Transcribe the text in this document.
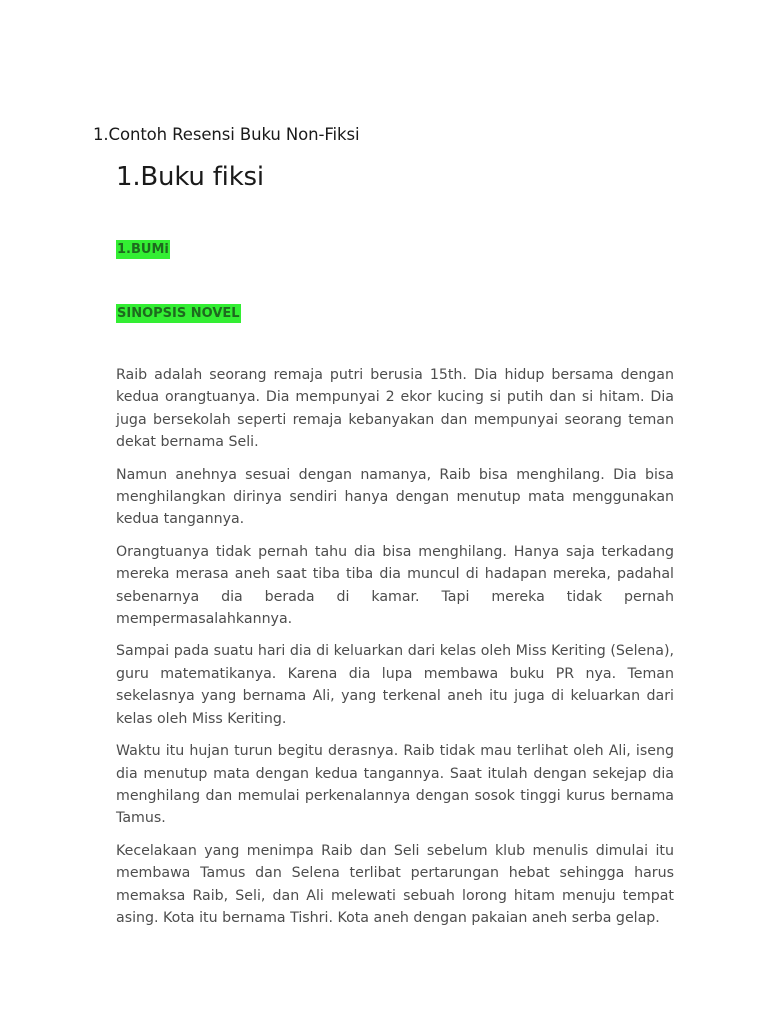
1.Contoh Resensi Buku Non-Fiksi
1.Buku fiksi
1.BUMi
SINOPSIS NOVEL

Raib adalah seorang remaja putri berusia 15th. Dia hidup bersama dengan kedua orangtuanya. Dia mempunyai 2 ekor kucing si putih dan si hitam. Dia juga bersekolah seperti remaja kebanyakan dan mempunyai seorang teman dekat bernama Seli.

Namun anehnya sesuai dengan namanya, Raib bisa menghilang. Dia bisa menghilangkan dirinya sendiri hanya dengan menutup mata menggunakan kedua tangannya.

Orangtuanya tidak pernah tahu dia bisa menghilang. Hanya saja terkadang mereka merasa aneh saat tiba tiba dia muncul di hadapan mereka, padahal sebenarnya dia berada di kamar. Tapi mereka tidak pernah mempermasalahkannya.

Sampai pada suatu hari dia di keluarkan dari kelas oleh Miss Keriting (Selena), guru matematikanya. Karena dia lupa membawa buku PR nya. Teman sekelasnya yang bernama Ali, yang terkenal aneh itu juga di keluarkan dari kelas oleh Miss Keriting.

Waktu itu hujan turun begitu derasnya. Raib tidak mau terlihat oleh Ali, iseng dia menutup mata dengan kedua tangannya. Saat itulah dengan sekejap dia menghilang dan memulai perkenalannya dengan sosok tinggi kurus bernama Tamus.

Kecelakaan yang menimpa Raib dan Seli sebelum klub menulis dimulai itu membawa Tamus dan Selena terlibat pertarungan hebat sehingga harus memaksa Raib, Seli, dan Ali melewati sebuah lorong hitam menuju tempat asing. Kota itu bernama Tishri. Kota aneh dengan pakaian aneh serba gelap.
